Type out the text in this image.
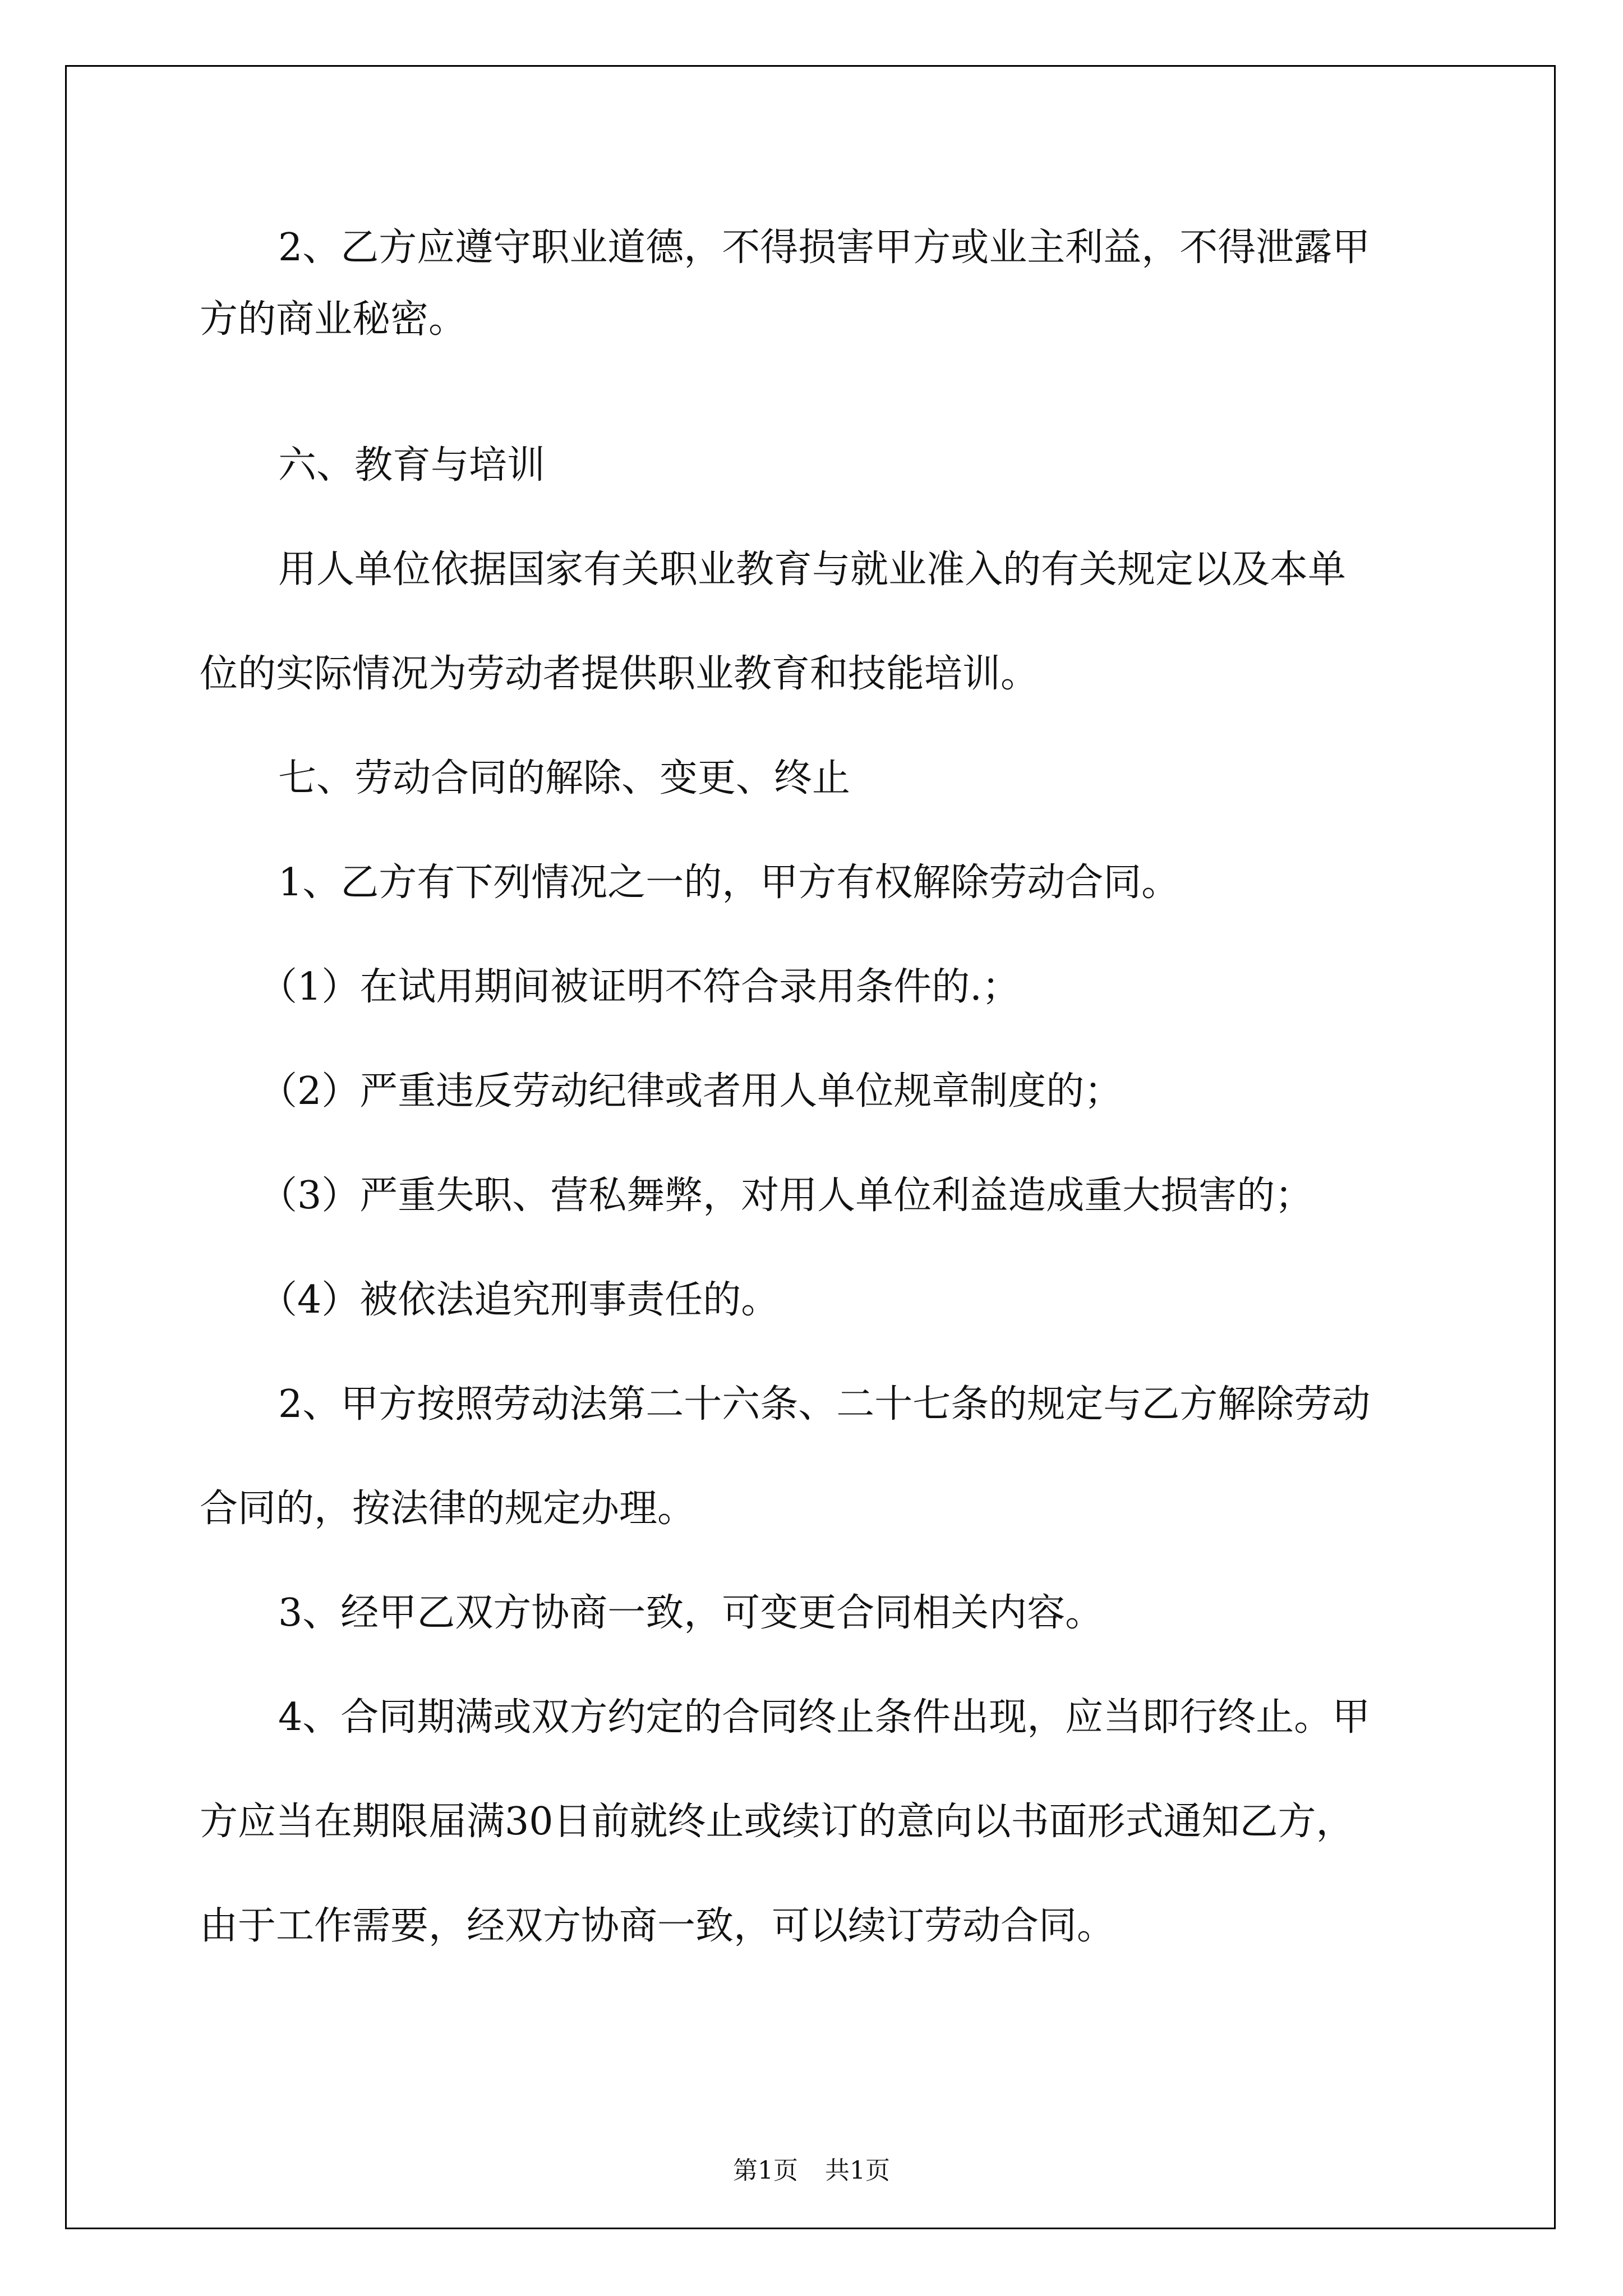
2、乙方应遵守职业道德，不得损害甲方或业主利益，不得泄露甲

方的商业秘密。

六、教育与培训

用人单位依据国家有关职业教育与就业准入的有关规定以及本单

位的实际情况为劳动者提供职业教育和技能培训。

七、劳动合同的解除、变更、终止

1、乙方有下列情况之一的，甲方有权解除劳动合同。

（1）在试用期间被证明不符合录用条件的.；

（2）严重违反劳动纪律或者用人单位规章制度的；

（3）严重失职、营私舞弊，对用人单位利益造成重大损害的；

（4）被依法追究刑事责任的。

2、甲方按照劳动法第二十六条、二十七条的规定与乙方解除劳动

合同的，按法律的规定办理。

3、经甲乙双方协商一致，可变更合同相关内容。

4、合同期满或双方约定的合同终止条件出现，应当即行终止。甲

方应当在期限届满30日前就终止或续订的意向以书面形式通知乙方，

由于工作需要，经双方协商一致，可以续订劳动合同。

第1页 共1页
